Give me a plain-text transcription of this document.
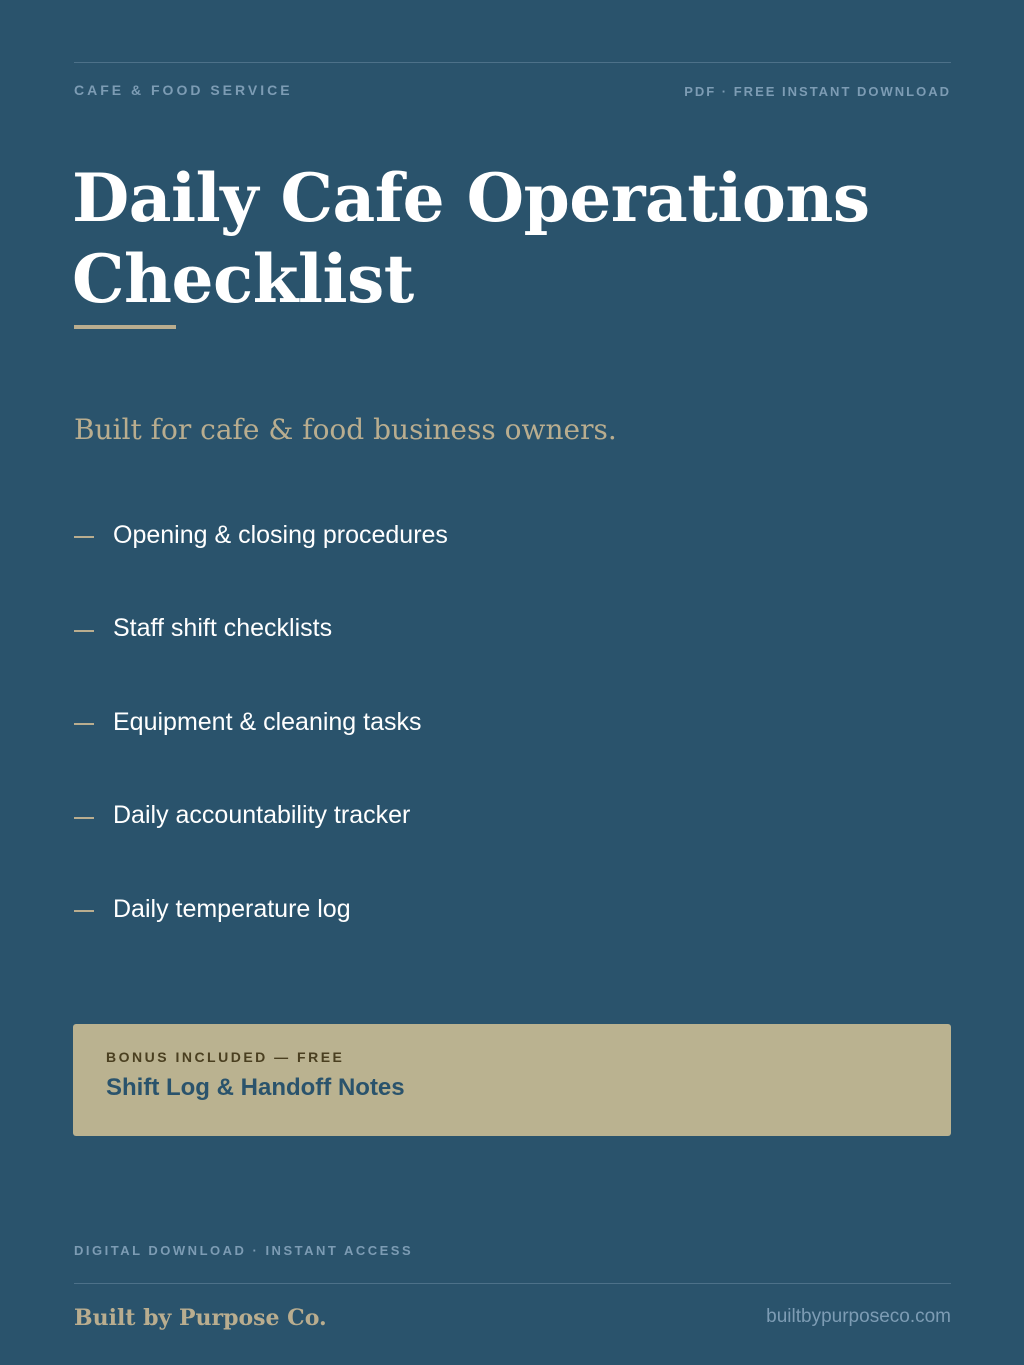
CAFE & FOOD SERVICE	PDF · FREE INSTANT DOWNLOAD
Daily Cafe Operations Checklist
Built for cafe & food business owners.
Opening & closing procedures
Staff shift checklists
Equipment & cleaning tasks
Daily accountability tracker
Daily temperature log
BONUS INCLUDED — FREE
Shift Log & Handoff Notes
DIGITAL DOWNLOAD · INSTANT ACCESS
Built by Purpose Co.	builtbypurposeco.com
